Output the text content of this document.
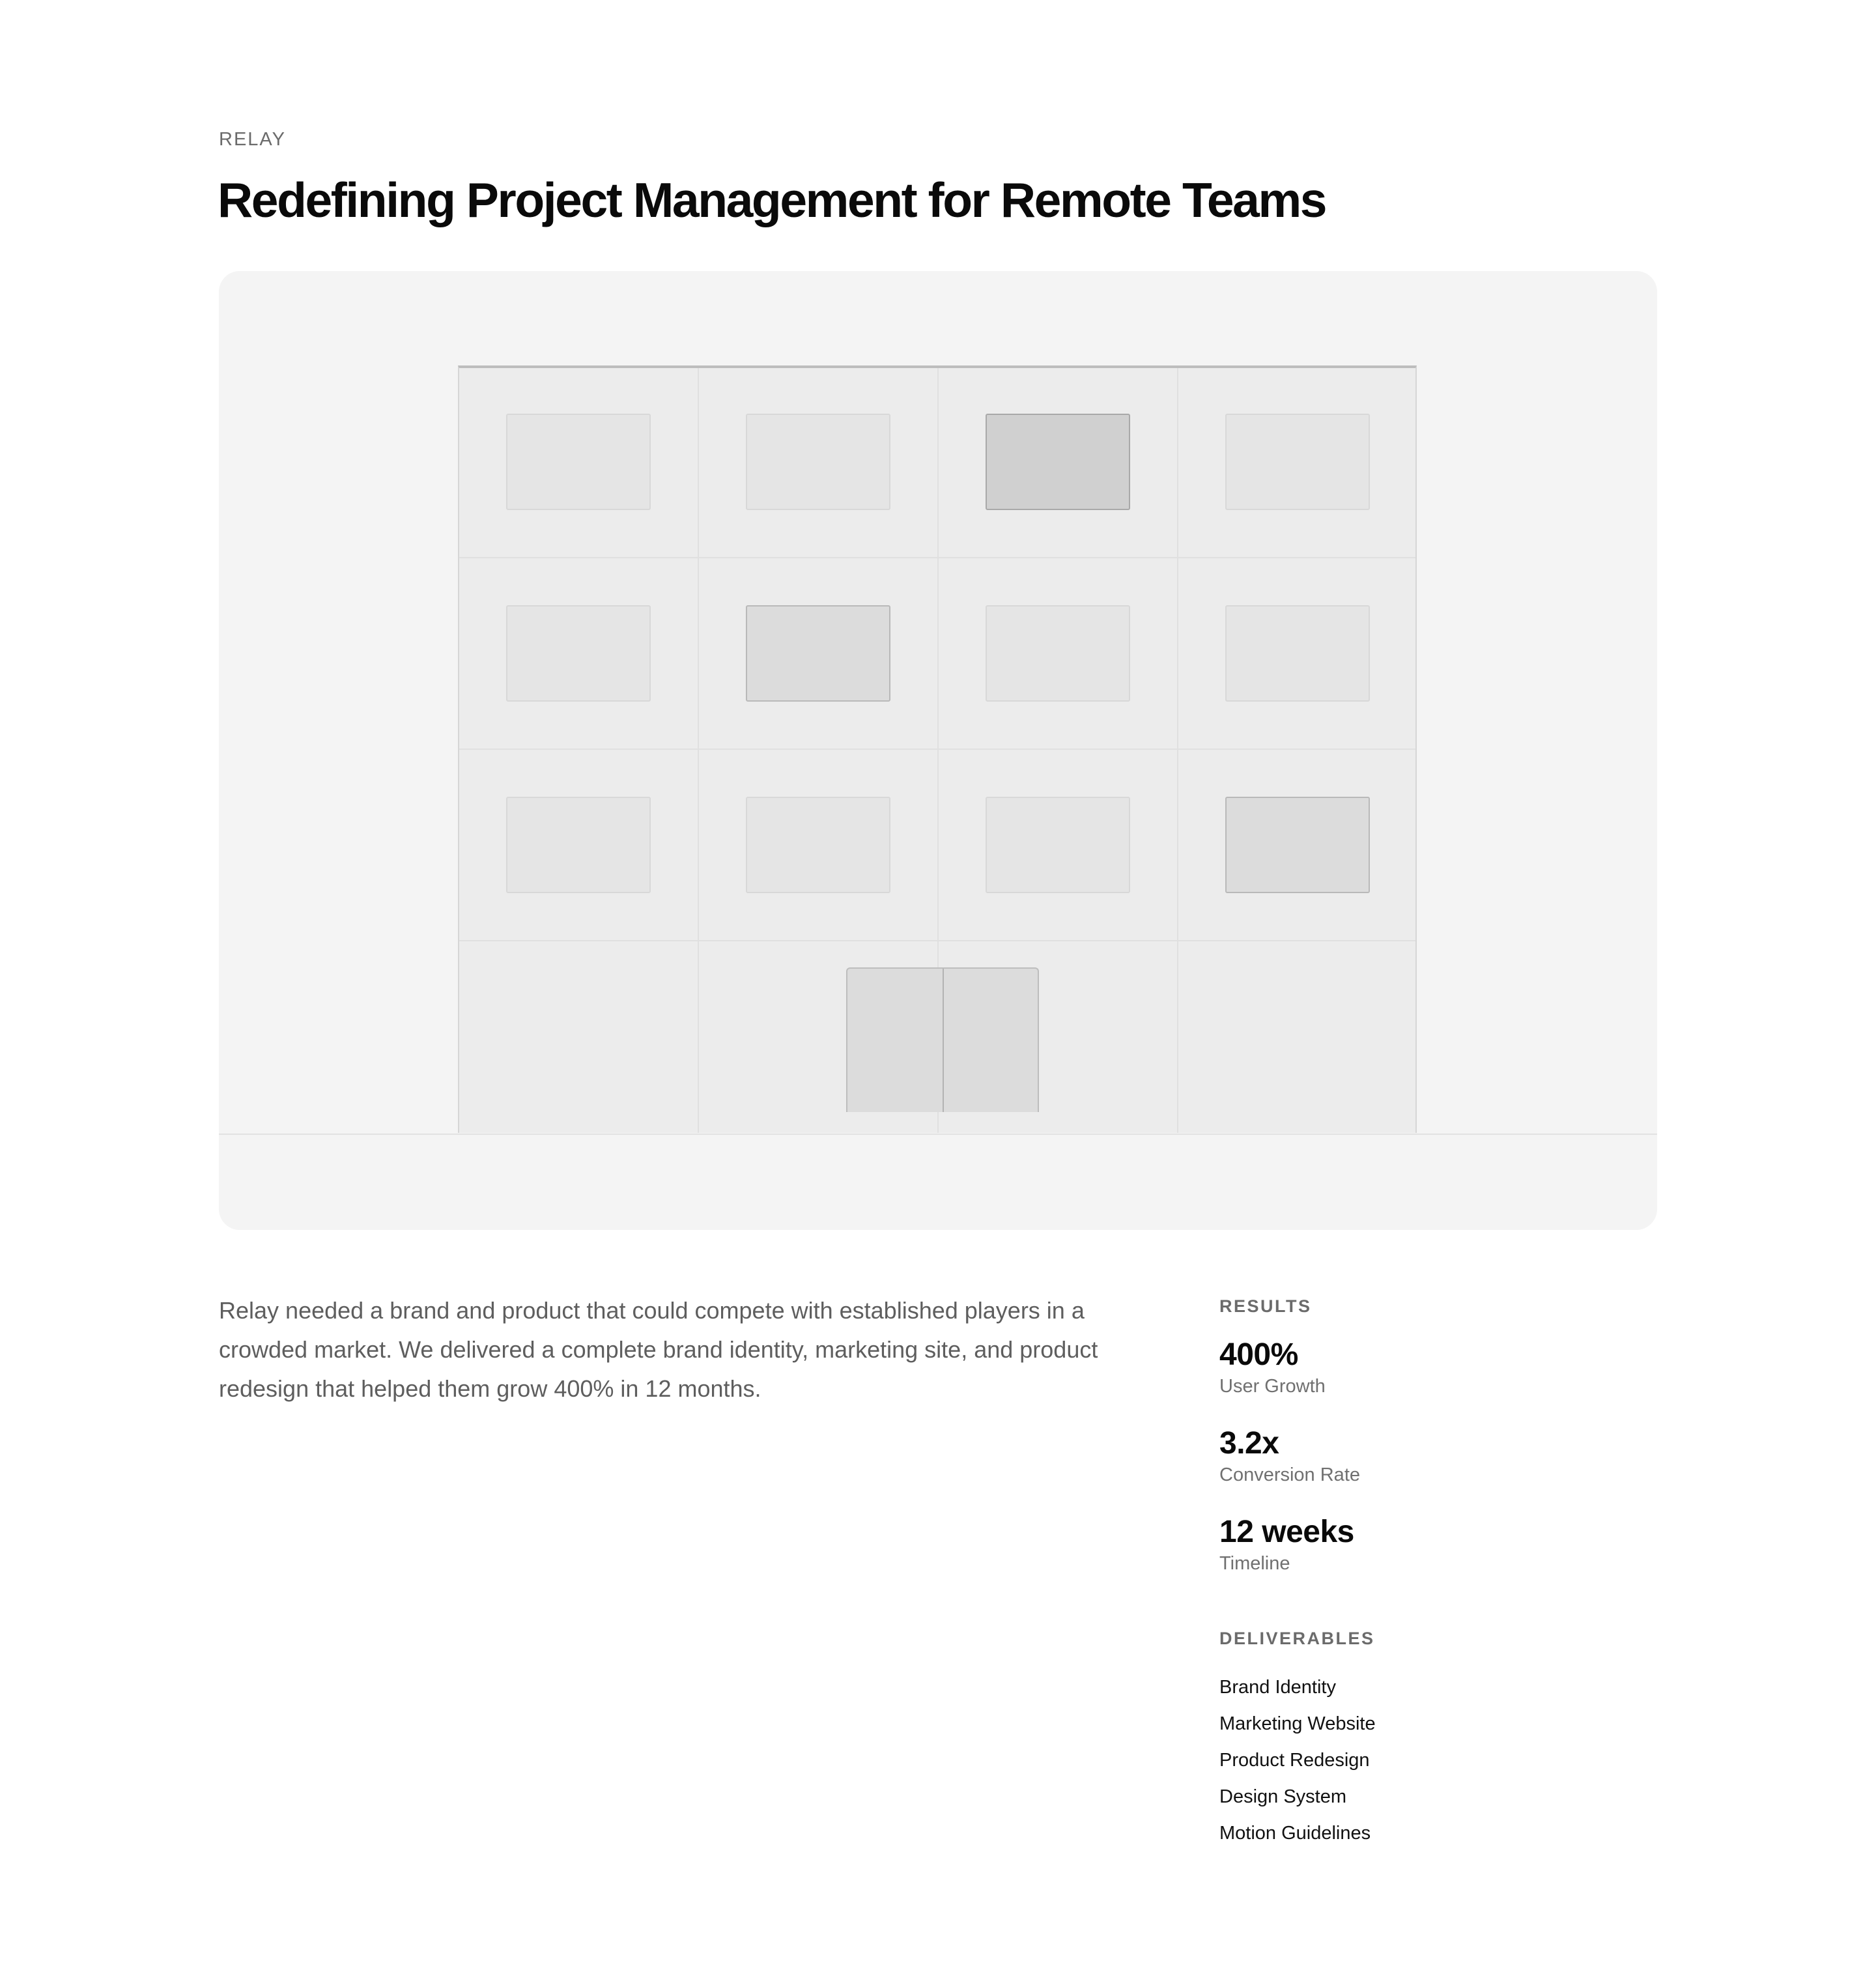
RELAY
Redefining Project Management for Remote Teams

Relay needed a brand and product that could compete with established players in a crowded market. We delivered a complete brand identity, marketing site, and product redesign that helped them grow 400% in 12 months.

RESULTS
400%
User Growth
3.2x
Conversion Rate
12 weeks
Timeline
DELIVERABLES
Brand Identity
Marketing Website
Product Redesign
Design System
Motion Guidelines
